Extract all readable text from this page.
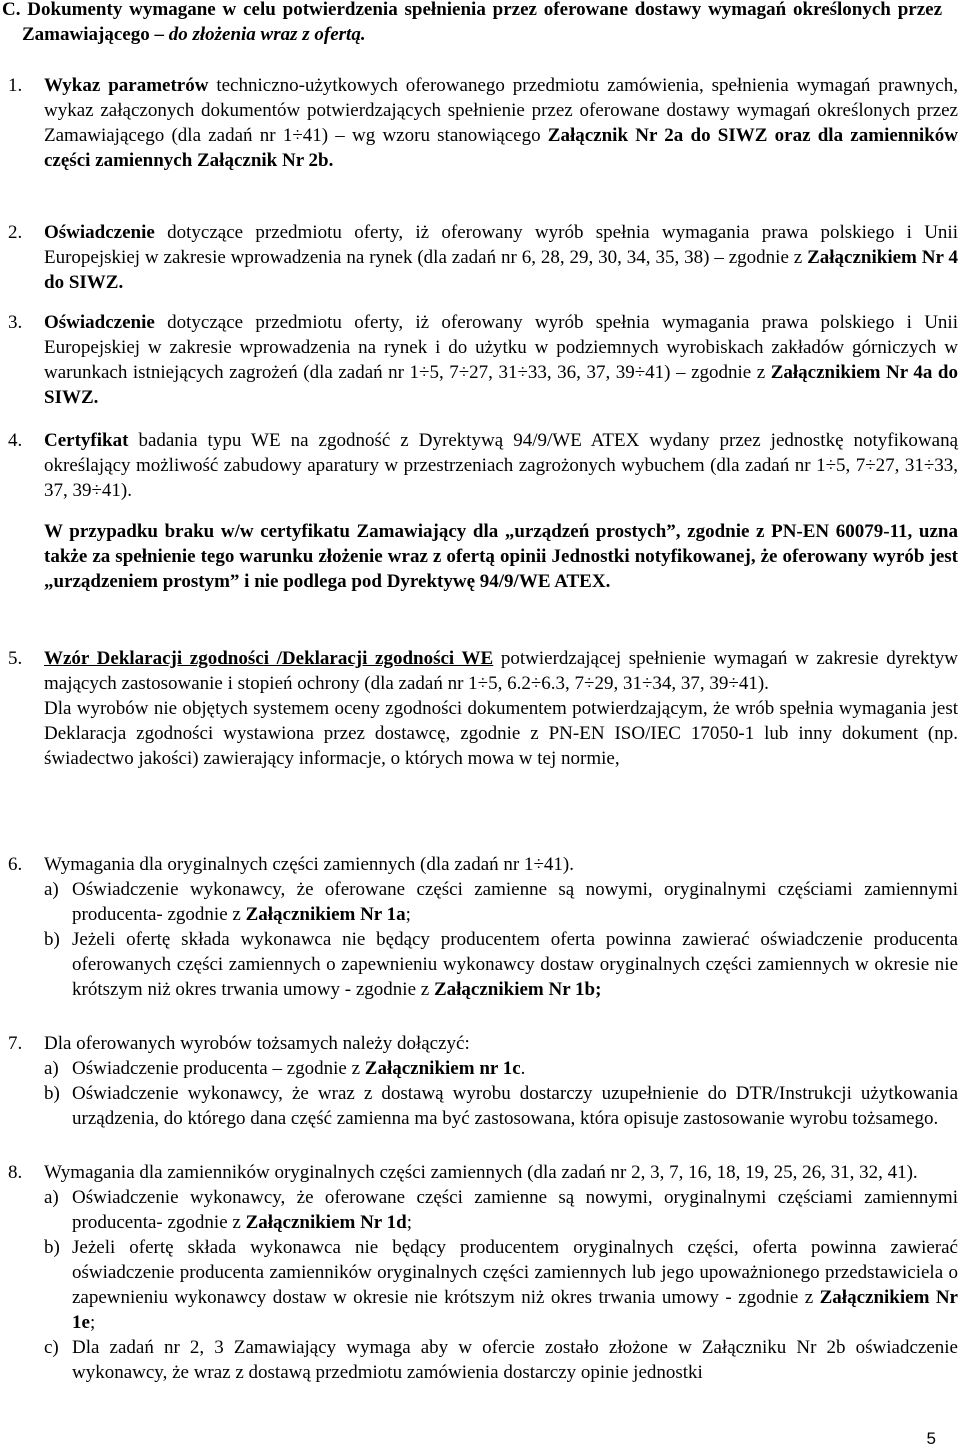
C. Dokumenty wymagane w celu potwierdzenia spełnienia przez oferowane dostawy wymagań określonych przez Zamawiającego – do złożenia wraz z ofertą.
1. Wykaz parametrów techniczno-użytkowych oferowanego przedmiotu zamówienia, spełnienia wymagań prawnych, wykaz załączonych dokumentów potwierdzających spełnienie przez oferowane dostawy wymagań określonych przez Zamawiającego (dla zadań nr 1÷41) – wg wzoru stanowiącego Załącznik Nr 2a do SIWZ oraz dla zamienników części zamiennych Załącznik Nr 2b.
2. Oświadczenie dotyczące przedmiotu oferty, iż oferowany wyrób spełnia wymagania prawa polskiego i Unii Europejskiej w zakresie wprowadzenia na rynek (dla zadań nr 6, 28, 29, 30, 34, 35, 38) – zgodnie z Załącznikiem Nr 4 do SIWZ.
3. Oświadczenie dotyczące przedmiotu oferty, iż oferowany wyrób spełnia wymagania prawa polskiego i Unii Europejskiej w zakresie wprowadzenia na rynek i do użytku w podziemnych wyrobiskach zakładów górniczych w warunkach istniejących zagrożeń (dla zadań nr 1÷5, 7÷27, 31÷33, 36, 37, 39÷41) – zgodnie z Załącznikiem Nr 4a do SIWZ.
4. Certyfikat badania typu WE na zgodność z Dyrektywą 94/9/WE ATEX wydany przez jednostkę notyfikowaną określający możliwość zabudowy aparatury w przestrzeniach zagrożonych wybuchem (dla zadań nr 1÷5, 7÷27, 31÷33, 37, 39÷41).
W przypadku braku w/w certyfikatu Zamawiający dla „urządzeń prostych”, zgodnie z PN-EN 60079-11, uzna także za spełnienie tego warunku złożenie wraz z ofertą opinii Jednostki notyfikowanej, że oferowany wyrób jest „urządzeniem prostym” i nie podlega pod Dyrektywę 94/9/WE ATEX.
5. Wzór Deklaracji zgodności /Deklaracji zgodności WE potwierdzającej spełnienie wymagań w zakresie dyrektyw mających zastosowanie i stopień ochrony (dla zadań nr 1÷5, 6.2÷6.3, 7÷29, 31÷34, 37, 39÷41).
Dla wyrobów nie objętych systemem oceny zgodności dokumentem potwierdzającym, że wrób spełnia wymagania jest Deklaracja zgodności wystawiona przez dostawcę, zgodnie z PN-EN ISO/IEC 17050-1 lub inny dokument (np. świadectwo jakości) zawierający informacje, o których mowa w tej normie,
6. Wymagania dla oryginalnych części zamiennych (dla zadań nr 1÷41).
a) Oświadczenie wykonawcy, że oferowane części zamienne są nowymi, oryginalnymi częściami zamiennymi producenta- zgodnie z Załącznikiem Nr 1a;
b) Jeżeli ofertę składa wykonawca nie będący producentem oferta powinna zawierać oświadczenie producenta oferowanych części zamiennych o zapewnieniu wykonawcy dostaw oryginalnych części zamiennych w okresie nie krótszym niż okres trwania umowy - zgodnie z Załącznikiem Nr 1b;
7. Dla oferowanych wyrobów tożsamych należy dołączyć:
a) Oświadczenie producenta – zgodnie z Załącznikiem nr 1c.
b) Oświadczenie wykonawcy, że wraz z dostawą wyrobu dostarczy uzupełnienie do DTR/Instrukcji użytkowania urządzenia, do którego dana część zamienna ma być zastosowana, która opisuje zastosowanie wyrobu tożsamego.
8. Wymagania dla zamienników oryginalnych części zamiennych (dla zadań nr 2, 3, 7, 16, 18, 19, 25, 26, 31, 32, 41).
a) Oświadczenie wykonawcy, że oferowane części zamienne są nowymi, oryginalnymi częściami zamiennymi producenta- zgodnie z Załącznikiem Nr 1d;
b) Jeżeli ofertę składa wykonawca nie będący producentem oryginalnych części, oferta powinna zawierać oświadczenie producenta zamienników oryginalnych części zamiennych lub jego upoważnionego przedstawiciela o zapewnieniu wykonawcy dostaw w okresie nie krótszym niż okres trwania umowy - zgodnie z Załącznikiem Nr 1e;
c) Dla zadań nr 2, 3 Zamawiający wymaga aby w ofercie zostało złożone w Załączniku Nr 2b oświadczenie wykonawcy, że wraz z dostawą przedmiotu zamówienia dostarczy opinie jednostki
5
